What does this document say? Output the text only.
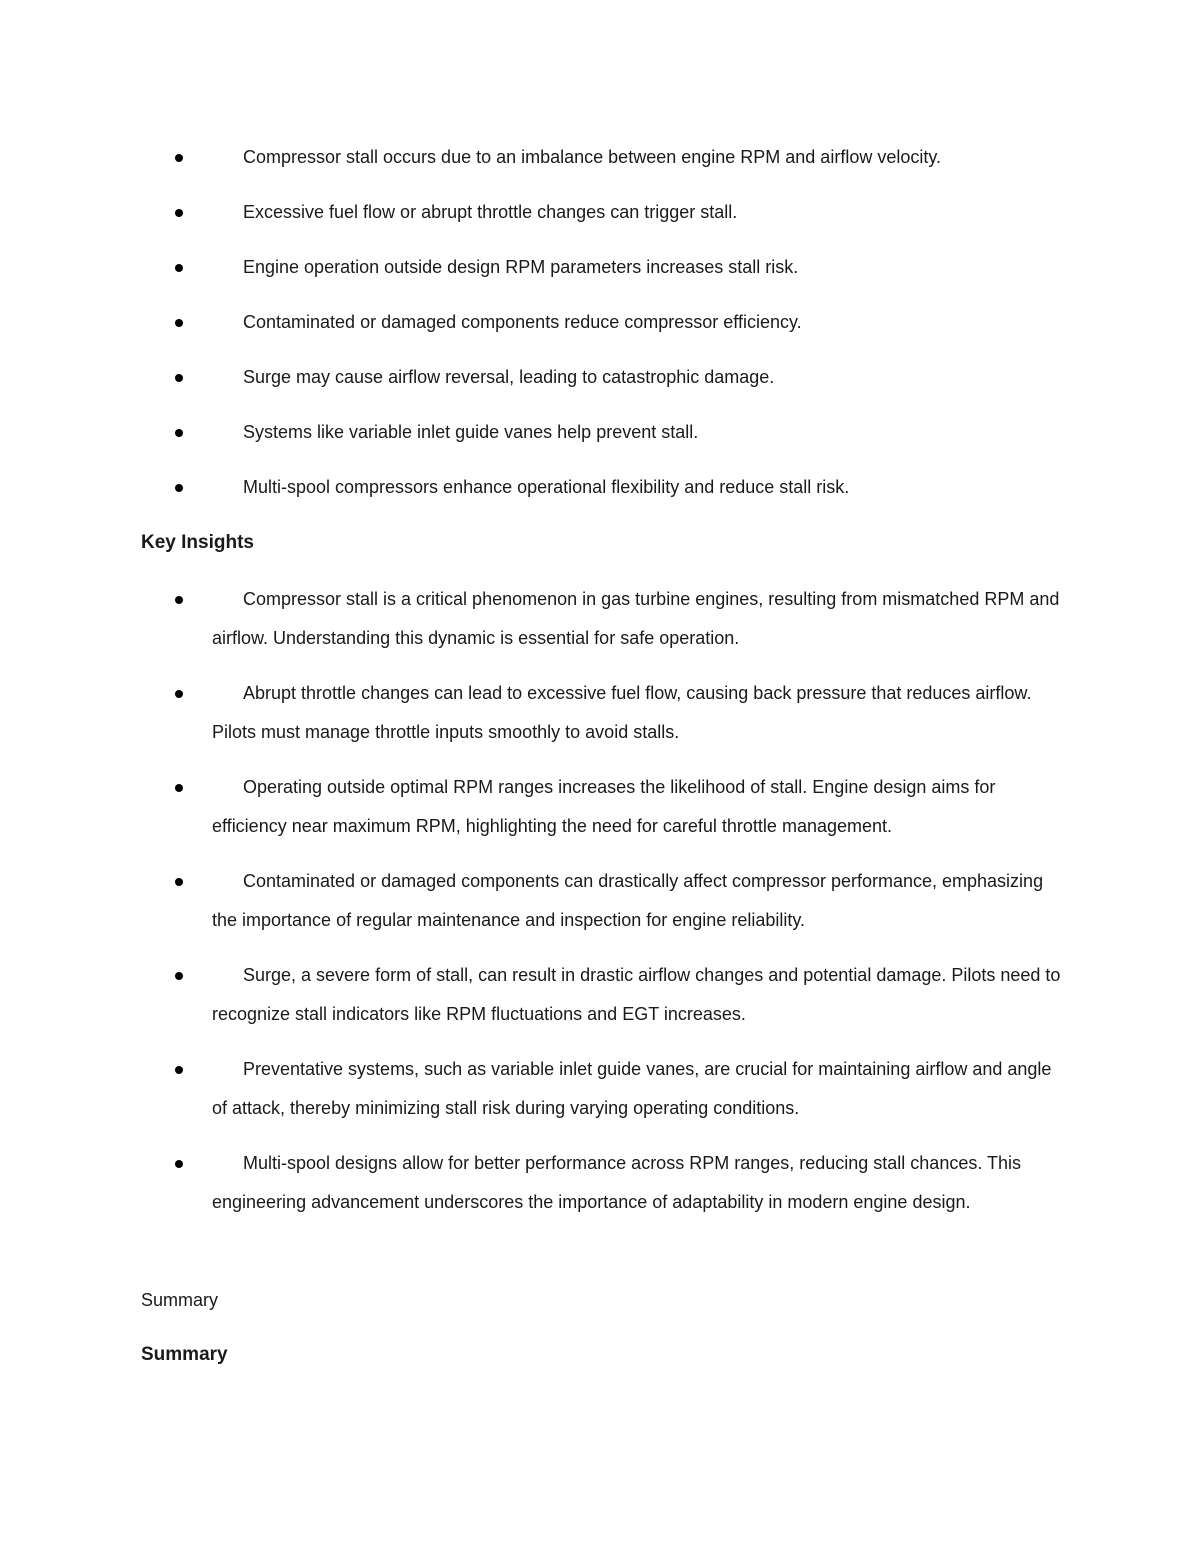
Compressor stall occurs due to an imbalance between engine RPM and airflow velocity.
Excessive fuel flow or abrupt throttle changes can trigger stall.
Engine operation outside design RPM parameters increases stall risk.
Contaminated or damaged components reduce compressor efficiency.
Surge may cause airflow reversal, leading to catastrophic damage.
Systems like variable inlet guide vanes help prevent stall.
Multi-spool compressors enhance operational flexibility and reduce stall risk.
Key Insights
Compressor stall is a critical phenomenon in gas turbine engines, resulting from mismatched RPM and airflow. Understanding this dynamic is essential for safe operation.
Abrupt throttle changes can lead to excessive fuel flow, causing back pressure that reduces airflow. Pilots must manage throttle inputs smoothly to avoid stalls.
Operating outside optimal RPM ranges increases the likelihood of stall. Engine design aims for efficiency near maximum RPM, highlighting the need for careful throttle management.
Contaminated or damaged components can drastically affect compressor performance, emphasizing the importance of regular maintenance and inspection for engine reliability.
Surge, a severe form of stall, can result in drastic airflow changes and potential damage. Pilots need to recognize stall indicators like RPM fluctuations and EGT increases.
Preventative systems, such as variable inlet guide vanes, are crucial for maintaining airflow and angle of attack, thereby minimizing stall risk during varying operating conditions.
Multi-spool designs allow for better performance across RPM ranges, reducing stall chances. This engineering advancement underscores the importance of adaptability in modern engine design.

Summary

Summary
